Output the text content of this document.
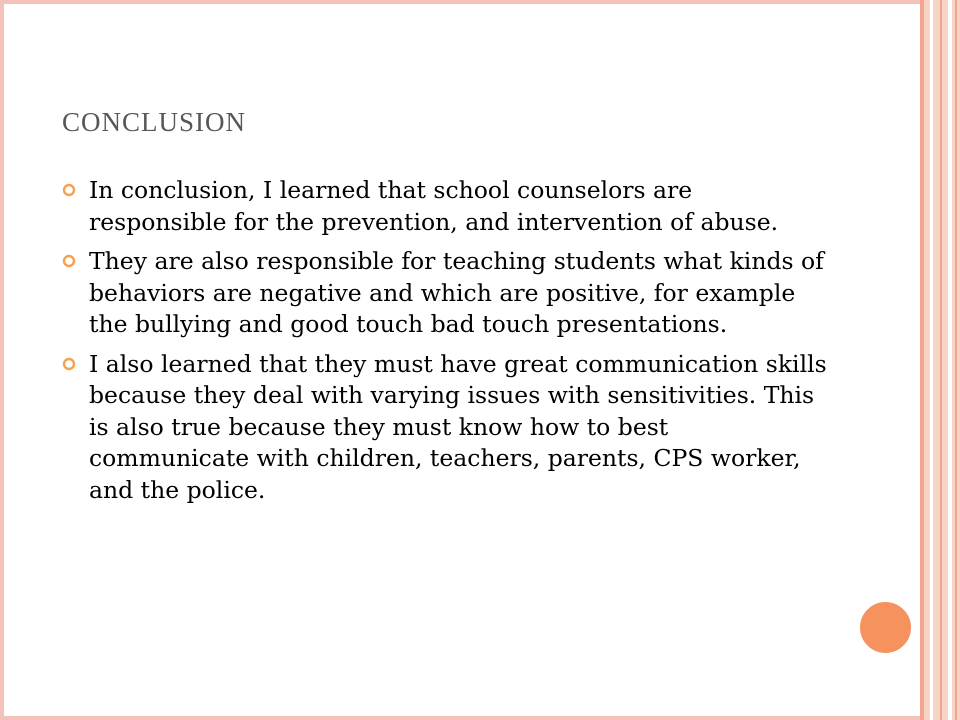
CONCLUSION
In conclusion, I learned that school counselors are responsible for the prevention, and intervention of abuse.
They are also responsible for teaching students what kinds of behaviors are negative and which are positive, for example the bullying and good touch bad touch presentations.
I also learned that they must have great communication skills because they deal with varying issues with sensitivities. This is also true because they must know how to best communicate with children, teachers, parents, CPS worker, and the police.
